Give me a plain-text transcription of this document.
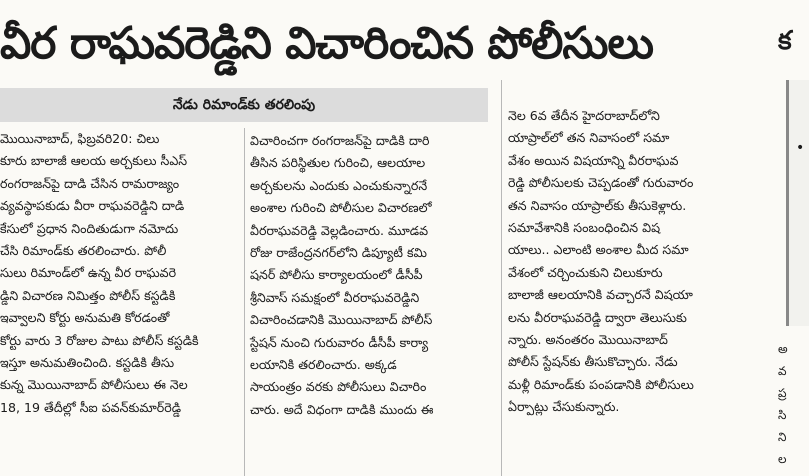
వీర రాఘవరెడ్డిని విచారించిన పోలీసులు
నేడు రిమాండ్‌కు తరలింపు
మొయినాబాద్‌, ఫిబ్రవరి20: చిలు
కూరు బాలాజీ ఆలయ అర్చకులు సీఎస్‌
రంగరాజన్‌పై దాడి చేసిన రామరాజ్యం
వ్యవస్థాపకుడు వీరా రాఘవరెడ్డిని దాడి
కేసులో ప్రధాన నిందితుడుగా నమోదు
చేసి రిమాండ్‌కు తరలించారు. పోలీ
సులు రిమాండ్‌లో ఉన్న వీర రాఘవరె
డ్డిని విచారణ నిమిత్తం పోలీస్‌ కస్టడికి
ఇవ్వాలని కోర్టు అనుమతి కోరడంతో
కోర్టు వారు 3 రోజుల పాటు పోలీస్‌ కస్టడికి
ఇస్తూ అనుమతించింది. కస్టడికి తీసు
కున్న మొయినాబాద్‌ పోలీసులు ఈ నెల
18, 19 తేదీల్లో సీఐ పవన్‌కుమార్‌రెడ్డి
విచారించగా రంగరాజన్‌పై దాడికి దారి
తీసిన పరిస్థితుల గురించి, ఆలయాల
అర్చకులను ఎందుకు ఎంచుకున్నారనే
అంశాల గురించి పోలీసుల విచారణలో
వీరరాఘవరెడ్డి వెల్లడించారు. మూడవ
రోజు రాజేంద్రనగర్‌లోని డిప్యూటీ కమి
షనర్‌ పోలీసు కార్యాలయంలో డీసీపీ
శ్రీనివాస్‌ సమక్షంలో వీరరాఘవరెడ్డిని
విచారించడానికి మొయినాబాద్‌ పోలీస్‌
స్టేషన్‌ నుంచి గురువారం డీసీపీ కార్యా
లయానికి తరలించారు. అక్కడ
సాయంత్రం వరకు పోలీసులు విచారిం
చారు. అదే విధంగా దాడికి ముందు ఈ
నెల 6వ తేదీన హైదరాబాద్‌లోని
యాప్రాల్‌లో తన నివాసంలో సమా
వేశం అయిన విషయాన్ని వీరరాఘవ
రెడ్డి పోలీసులకు చెప్పడంతో గురువారం
తన నివాసం యాప్రాల్‌కు తీసుకెళ్లారు.
సమావేశానికి సంబంధించిన విష
యాలు.. ఎలాంటి అంశాల మీద సమా
వేశంలో చర్చించుకుని చిలుకూరు
బాలాజీ ఆలయానికి వచ్చారనే విషయా
లను వీరరాఘవరెడ్డి ద్వారా తెలుసుకు
న్నారు. అనంతరం మొయినాబాద్‌
పోలీస్‌ స్టేషన్‌కు తీసుకొచ్చారు. నేడు
మళ్లీ రిమాండ్‌కు పంపడానికి పోలీసులు
ఏర్పాట్లు చేసుకున్నారు.
క
•
అ
వ
ప్ర
సి
ని
ల
